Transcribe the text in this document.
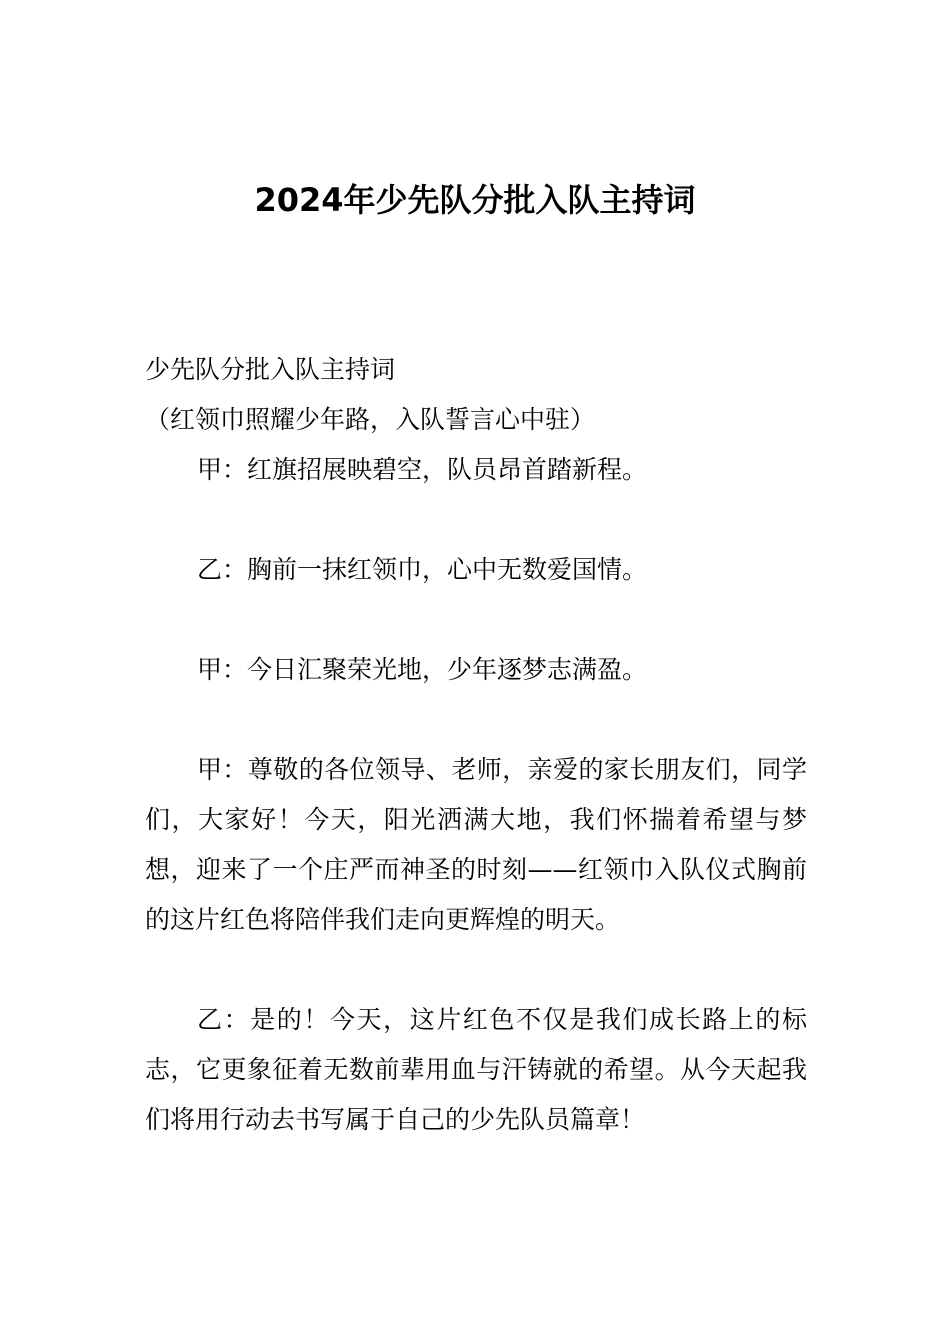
2024年少先队分批入队主持词

少先队分批入队主持词

（红领巾照耀少年路，入队誓言心中驻）

甲：红旗招展映碧空，队员昂首踏新程。

乙：胸前一抹红领巾，心中无数爱国情。

甲：今日汇聚荣光地，少年逐梦志满盈。

甲：尊敬的各位领导、老师，亲爱的家长朋友们，同学们，大家好！今天，阳光洒满大地，我们怀揣着希望与梦想，迎来了一个庄严而神圣的时刻——红领巾入队仪式胸前的这片红色将陪伴我们走向更辉煌的明天。

乙：是的！今天，这片红色不仅是我们成长路上的标志，它更象征着无数前辈用血与汗铸就的希望。从今天起我们将用行动去书写属于自己的少先队员篇章！
